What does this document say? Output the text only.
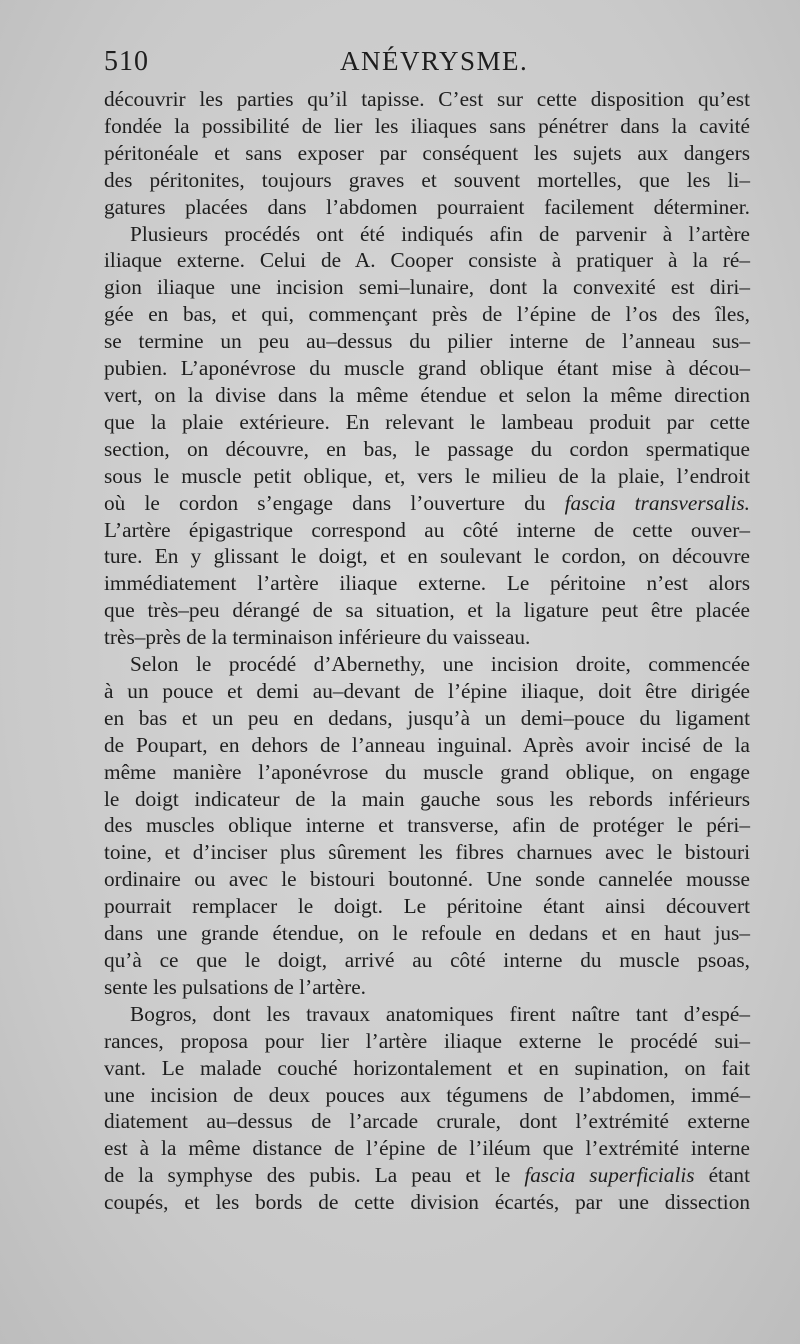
510	ANÉVRYSME.
découvrir les parties qu’il tapisse. C’est sur cette disposition qu’est
fondée la possibilité de lier les iliaques sans pénétrer dans la cavité
péritonéale et sans exposer par conséquent les sujets aux dangers
des péritonites, toujours graves et souvent mortelles, que les li–
gatures placées dans l’abdomen pourraient facilement déterminer.
Plusieurs procédés ont été indiqués afin de parvenir à l’artère
iliaque externe. Celui de A. Cooper consiste à pratiquer à la ré–
gion iliaque une incision semi–lunaire, dont la convexité est diri–
gée en bas, et qui, commençant près de l’épine de l’os des îles,
se termine un peu au–dessus du pilier interne de l’anneau sus–
pubien. L’aponévrose du muscle grand oblique étant mise à décou–
vert, on la divise dans la même étendue et selon la même direction
que la plaie extérieure. En relevant le lambeau produit par cette
section, on découvre, en bas, le passage du cordon spermatique
sous le muscle petit oblique, et, vers le milieu de la plaie, l’endroit
où le cordon s’engage dans l’ouverture du fascia transversalis.
L’artère épigastrique correspond au côté interne de cette ouver–
ture. En y glissant le doigt, et en soulevant le cordon, on découvre
immédiatement l’artère iliaque externe. Le péritoine n’est alors
que très–peu dérangé de sa situation, et la ligature peut être placée
très–près de la terminaison inférieure du vaisseau.
Selon le procédé d’Abernethy, une incision droite, commencée
à un pouce et demi au–devant de l’épine iliaque, doit être dirigée
en bas et un peu en dedans, jusqu’à un demi–pouce du ligament
de Poupart, en dehors de l’anneau inguinal. Après avoir incisé de la
même manière l’aponévrose du muscle grand oblique, on engage
le doigt indicateur de la main gauche sous les rebords inférieurs
des muscles oblique interne et transverse, afin de protéger le péri–
toine, et d’inciser plus sûrement les fibres charnues avec le bistouri
ordinaire ou avec le bistouri boutonné. Une sonde cannelée mousse
pourrait remplacer le doigt. Le péritoine étant ainsi découvert
dans une grande étendue, on le refoule en dedans et en haut jus–
qu’à ce que le doigt, arrivé au côté interne du muscle psoas,
sente les pulsations de l’artère.
Bogros, dont les travaux anatomiques firent naître tant d’espé–
rances, proposa pour lier l’artère iliaque externe le procédé sui–
vant. Le malade couché horizontalement et en supination, on fait
une incision de deux pouces aux tégumens de l’abdomen, immé–
diatement au–dessus de l’arcade crurale, dont l’extrémité externe
est à la même distance de l’épine de l’iléum que l’extrémité interne
de la symphyse des pubis. La peau et le fascia superficialis étant
coupés, et les bords de cette division écartés, par une dissection
